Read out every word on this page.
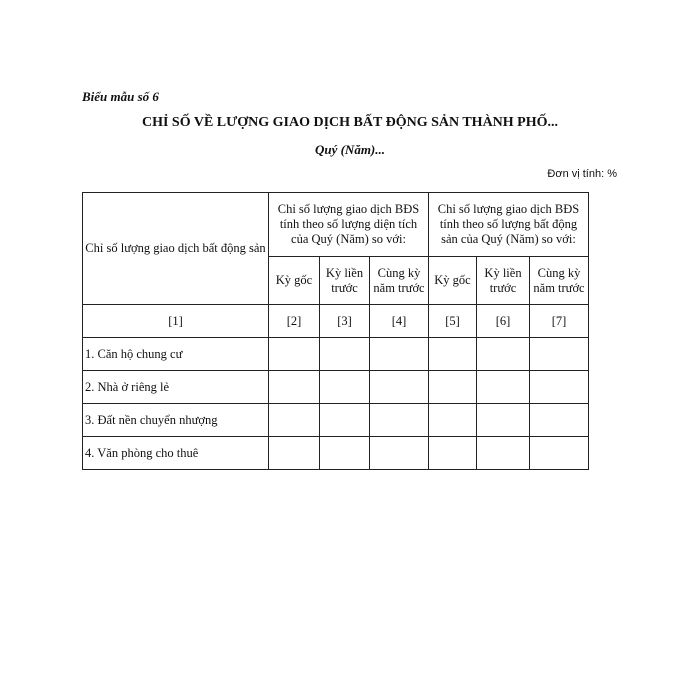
Biểu mẫu số 6
CHỈ SỐ VỀ LƯỢNG GIAO DỊCH BẤT ĐỘNG SẢN THÀNH PHỐ...
Quý (Năm)...
Đơn vị tính: %
Chỉ số lượng giao dịch bất động sản	Chỉ số lượng giao dịch BĐS tính theo số lượng diện tích của Quý (Năm) so với:			Chỉ số lượng giao dịch BĐS tính theo số lượng bất động sản của Quý (Năm) so với:		
	Kỳ gốc	Kỳ liền trước	Cùng kỳ năm trước	Kỳ gốc	Kỳ liền trước	Cùng kỳ năm trước
[1]	[2]	[3]	[4]	[5]	[6]	[7]
1. Căn hộ chung cư						
2. Nhà ở riêng lẻ						
3. Đất nền chuyển nhượng						
4. Văn phòng cho thuê						
